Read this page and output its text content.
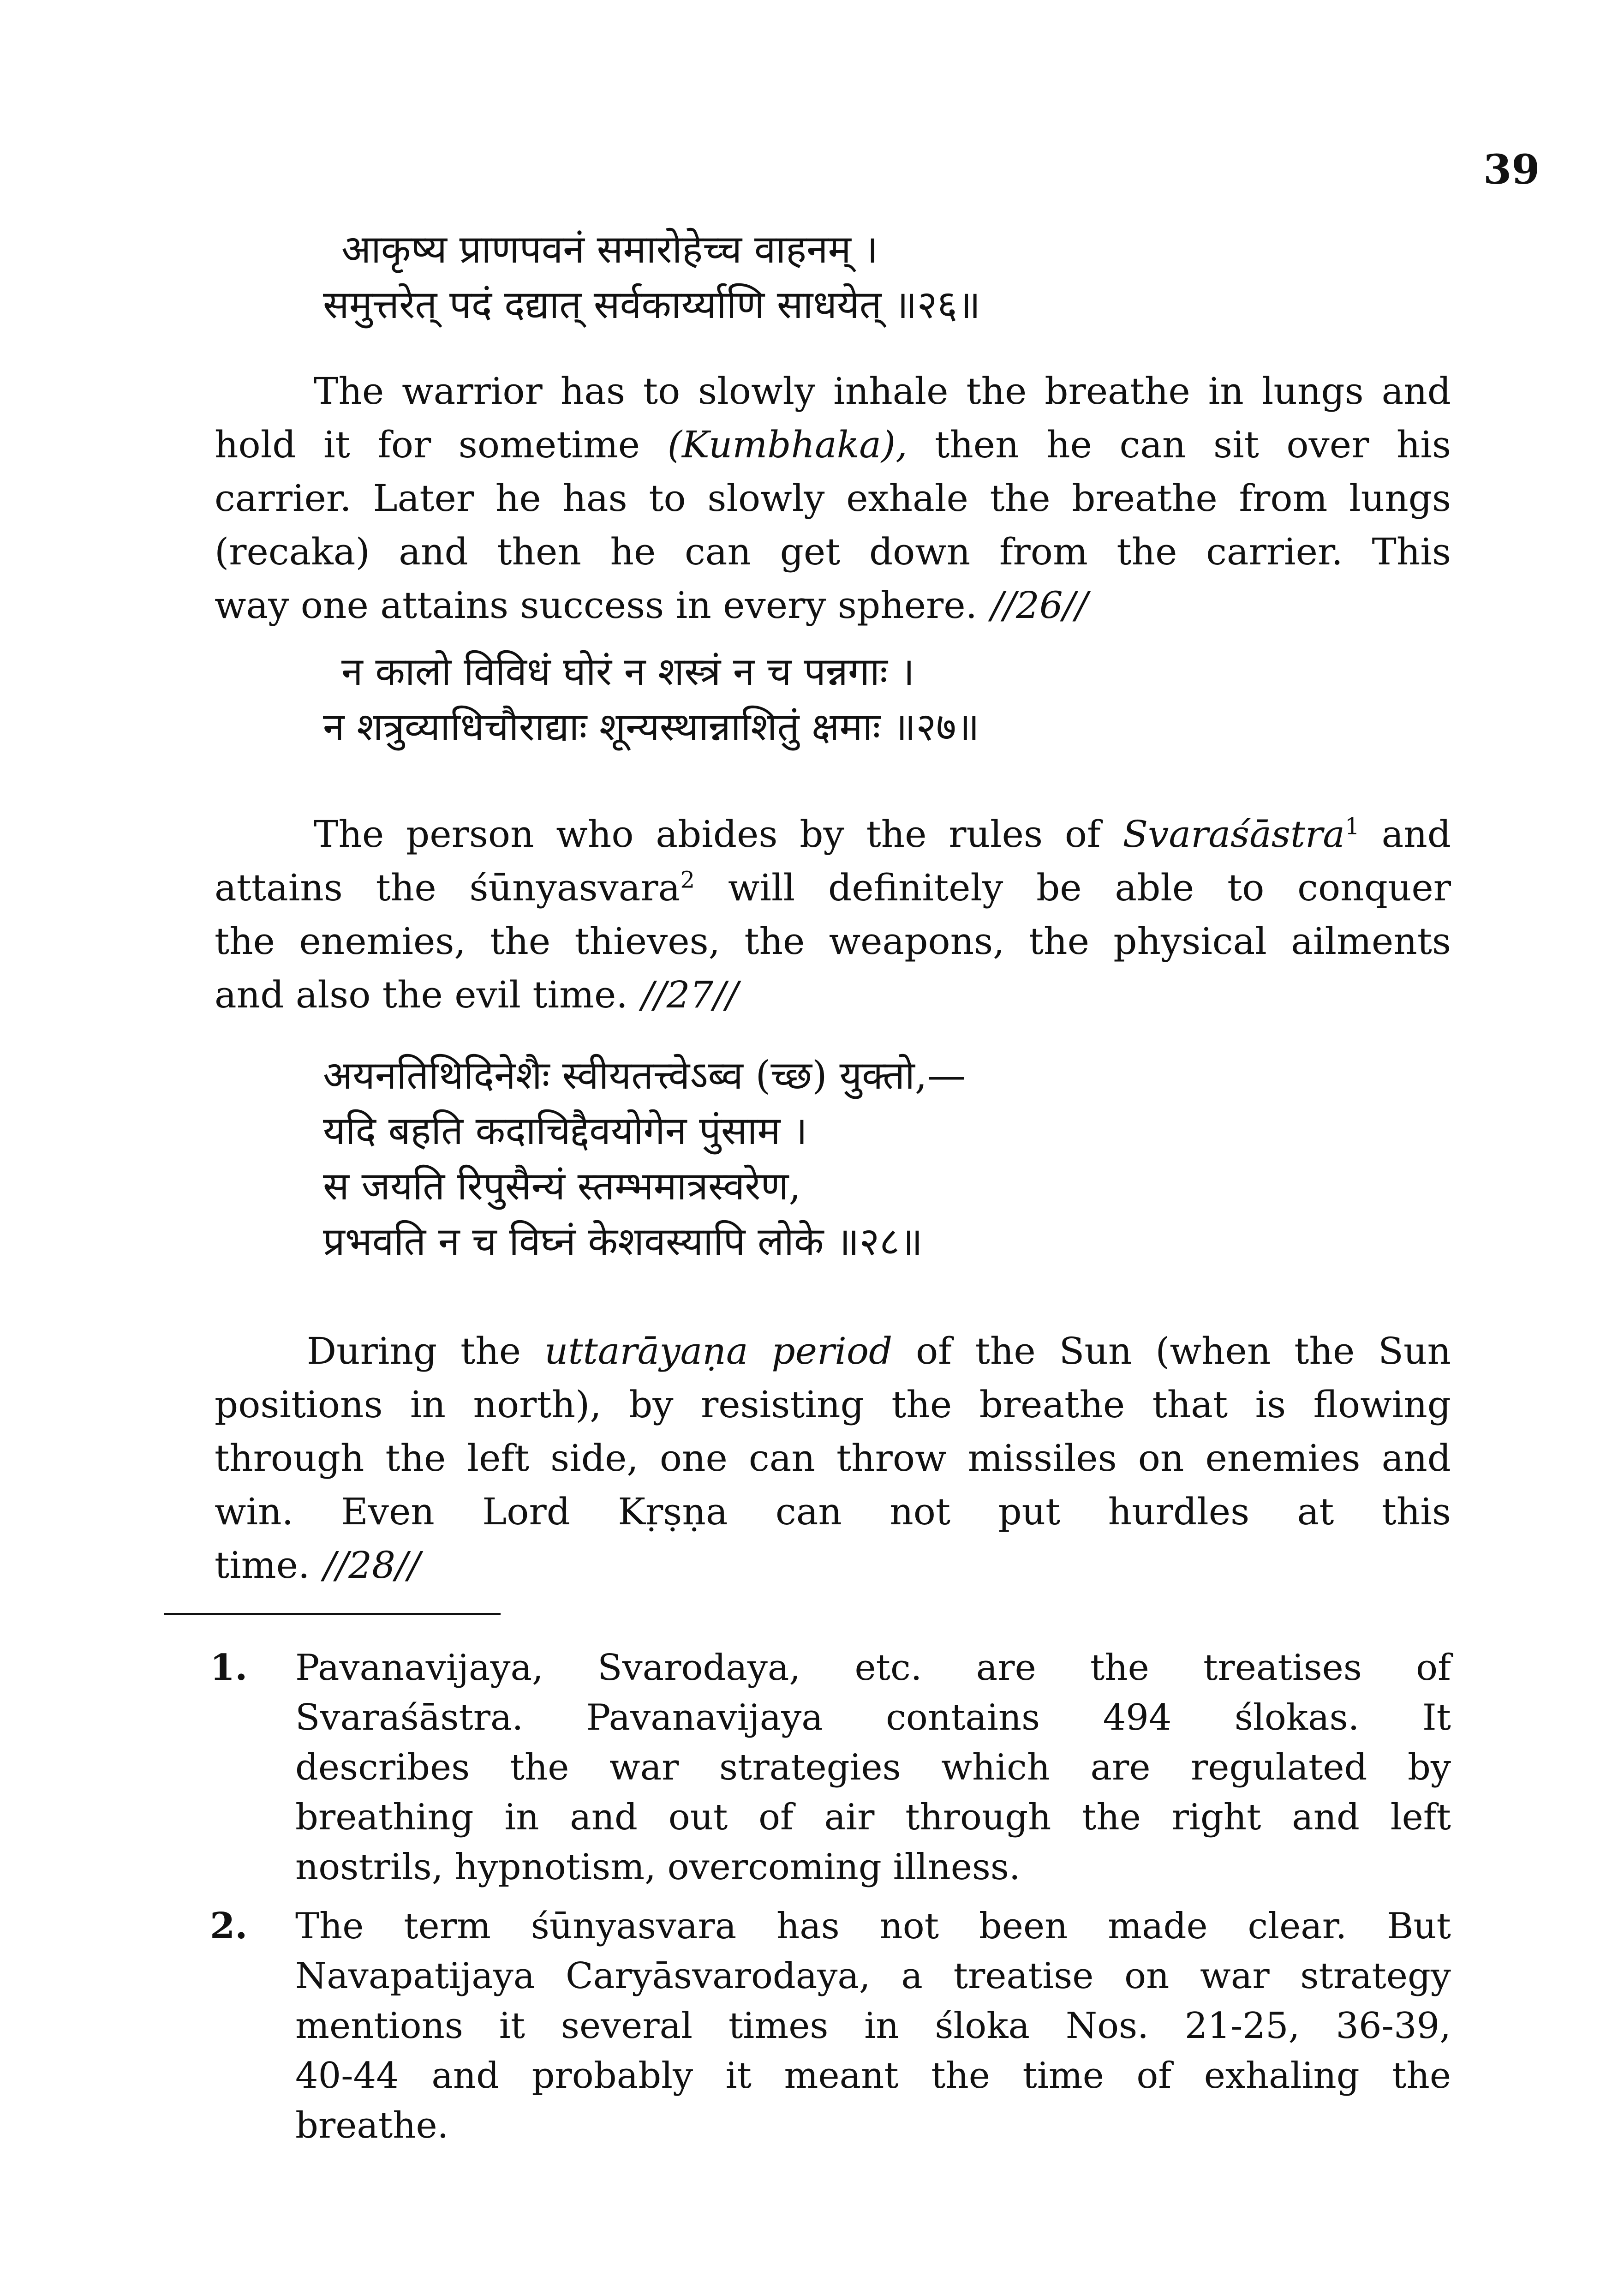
39
आकृष्य प्राणपवनं समारोहेच्च वाहनम् ।
समुत्तरेत् पदं दद्यात् सर्वकार्य्याणि साधयेत् ॥२६॥
The warrior has to slowly inhale the breathe in lungs and
hold it for sometime (Kumbhaka), then he can sit over his
carrier. Later he has to slowly exhale the breathe from lungs
(recaka) and then he can get down from the carrier. This
way one attains success in every sphere. //26//
न कालो विविधं घोरं न शस्त्रं न च पन्नगाः ।
न शत्रुव्याधिचौराद्याः शून्यस्थान्नाशितुं क्षमाः ॥२७॥
The person who abides by the rules of Svaraśāstra$^1$ and
attains the śūnyasvara$^2$ will definitely be able to conquer
the enemies, the thieves, the weapons, the physical ailments
and also the evil time. //27//
अयनतिथिदिनेशैः स्वीयतत्त्वेऽब्व (च्छ) युक्तो,—
यदि बहति कदाचिद्दैवयोगेन पुंसाम ।
स जयति रिपुसैन्यं स्तम्भमात्रस्वरेण,
प्रभवति न च विघ्नं केशवस्यापि लोके ॥२८॥
During the uttarāyaṇa period of the Sun (when the Sun
positions in north), by resisting the breathe that is flowing
through the left side, one can throw missiles on enemies and
win. Even Lord Kṛṣṇa can not put hurdles at this
time. //28//
1. Pavanavijaya, Svarodaya, etc. are the treatises of
Svaraśāstra. Pavanavijaya contains 494 ślokas. It
describes the war strategies which are regulated by
breathing in and out of air through the right and left
nostrils, hypnotism, overcoming illness.
2. The term śūnyasvara has not been made clear. But
Navapatijaya Caryāsvarodaya, a treatise on war strategy
mentions it several times in śloka Nos. 21-25, 36-39,
40-44 and probably it meant the time of exhaling the
breathe.
